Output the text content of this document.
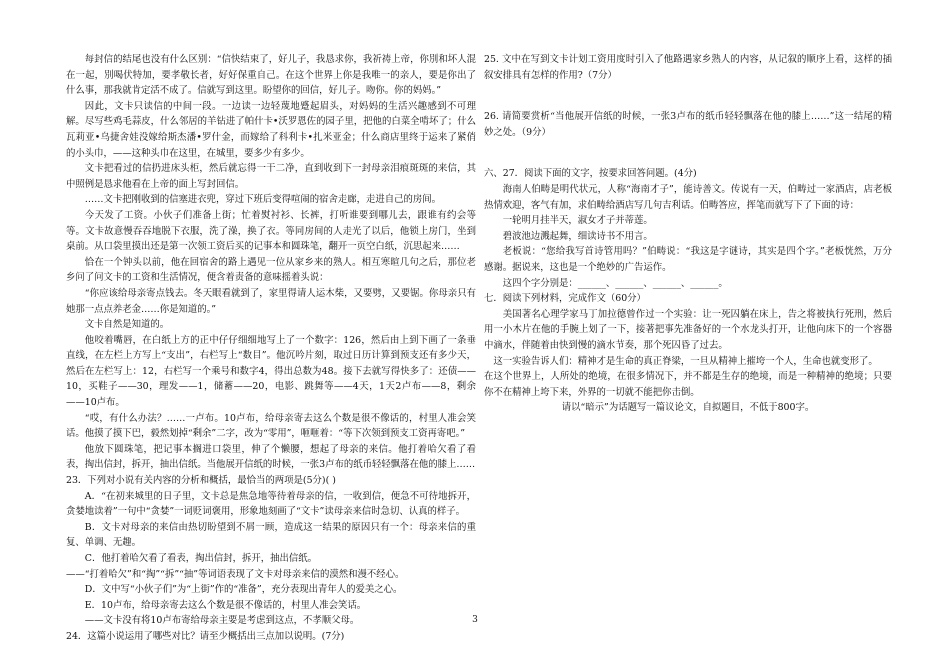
每封信的结尾也没有什么区别：“信快结束了，好儿子，我恳求你，我祈祷上帝，你別和坏人混在一起，別喝伏特加，要孝敬长者，好好保重自己。在这个世界上你是我唯一的亲人，要是你出了什么事，那我就肯定活不成了。信就写到这里。盼望你的回信，好儿子。吻你。你的妈妈。”

因此，文卡只读信的中间一段。一边读一边轻蔑地蹙起眉头，对妈妈的生活兴趣感到不可理解。尽写些鸡毛蒜皮，什么邻居的羊钻进了帕什卡•沃罗恩佐的园子里，把他的白菜全啃坏了；什么瓦莉亚•乌捷舍娃没嫁给斯杰潘•罗什金，而嫁给了科利卡•扎米亚金；什么商店里终于运来了紧俏的小头巾，——这种头巾在这里，在城里，要多少有多少。

文卡把看过的信扔进床头柜，然后就忘得一干二净，直到收到下一封母亲泪痕斑斑的来信，其中照例是恳求他看在上帝的面上写封回信。

……文卡把刚收到的信塞进衣兜，穿过下班后变得喧闹的宿舍走廊，走进自己的房间。

今天发了工资。小伙子们准备上街；忙着熨衬衫、长裤，打听谁要到哪儿去，跟谁有约会等等。文卡故意慢吞吞地脱下衣服，洗了澡，换了衣。等同房间的人走光了以后，他锁上房门，坐到桌前。从口袋里摸出还是第一次领工资后买的记事本和圆珠笔，翻开一页空白纸，沉思起来……

恰在一个钟头以前，他在回宿舍的路上遇见一位从家乡来的熟人。相互寒暄几句之后，那位老乡问了问文卡的工资和生活情况，便含着责备的意味摇着头说：

“你应该给母亲寄点钱去。冬天眼看就到了，家里得请人运木柴，又要劈，又要锯。你母亲只有她那一点点养老金……你是知道的。”

文卡自然是知道的。

他咬着嘴唇，在白纸上方的正中仔仔细细地写上了一个数字：126，然后由上到下画了一条垂直线，在左栏上方写上“支出”，右栏写上“数目”。他沉吟片刻，取过日历计算到预支还有多少天，然后在左栏写上：12，右栏写一个乘号和数字4，得出总数为48。接下去就写得快多了：还债——10，买鞋子——30，理发——1，储蓄——20，电影、跳舞等——4天，1天2卢布——8，剩余——10卢布。

“哎，有什么办法？……一卢布。10卢布，给母亲寄去这么个数是很不像话的，村里人准会笑话。他摸了摸下巴，毅然划掉“剩余”二字，改为“零用”，咂咂着：“等下次领到预支工资再寄吧。”

他放下圆珠笔，把记事本搁进口袋里，伸了个懒腰，想起了母亲的来信。他打着哈欠看了看表，掏出信封，拆开，抽出信纸。当他展开信纸的时候，一张3卢布的纸币轻轻飘落在他的膝上……

23．下列对小说有关内容的分析和概括，最恰当的两项是(5分)( )

A．“在初来城里的日子里，文卡总是焦急地等待着母亲的信，一收到信，便急不可待地拆开，贪婪地读着”一句中“贪婪”一词贬词褒用，形象地刻画了“文卡”读母亲来信时急切、认真的样子。

B．文卡对母亲的来信由热切盼望到不屑一顾，造成这一结果的原因只有一个：母亲来信的重复、单调、无趣。

C．他打着哈欠看了看表，掏出信封，拆开，抽出信纸。

——“打着哈欠”和“掏”“拆”“抽”等词语表现了文卡对母亲来信的漠然和漫不经心。

D．文中写“小伙子们”为“上街”作的“准备”，充分表现出青年人的爱美之心。

E．10卢布，给母亲寄去这么个数是很不像话的，村里人准会笑话。

——文卡没有将10卢布寄给母亲主要是考虑到这点，不孝顺父母。

24．这篇小说运用了哪些对比？请至少概括出三点加以说明。(7分)

25. 文中在写到文卡计划工资用度时引入了他路遇家乡熟人的内容，从记叙的顺序上看，这样的插叙安排具有怎样的作用?（7分）

26. 请简要赏析“当他展开信纸的时候，一张3卢布的纸币轻轻飘落在他的膝上……”这一结尾的精妙之处。（9分）

六、27．阅读下面的文字，按要求回答问题。(4分)

海南人伯畴是明代状元，人称“海南才子”，能诗善文。传说有一天，伯畴过一家酒店，店老板热情欢迎，客气有加，求伯畴给酒店写几句吉利话。伯畴答应，挥笔而就写下了下面的诗：

一轮明月挂半天，淑女才子并蒂莲。

碧波池边溅起舞，细读诗书不用言。

老板说：“您给我写首诗管用吗？”伯畴说：“我这是字谜诗，其实是四个字。”老板恍然，万分感谢。据说来，这也是一个绝妙的广告运作。

这四个字分别是：______、______、______、______。

七．阅读下列材料，完成作文（60分）

美国著名心理学家马丁加拉德曾作过一个实验：让一死囚躺在床上，告之将被执行死刑，然后用一小木片在他的手腕上划了一下，接著把事先准备好的一个水龙头打开，让他向床下的一个容器中滴水，伴随着由快到慢的滴水节奏，那个死囚昏了过去。

这一实验告诉人们：精神才是生命的真正脊梁，一旦从精神上摧垮一个人，生命也就变形了。

在这个世界上，人所处的绝境，在很多情况下，并不都是生存的绝境，而是一种精神的绝境；只要你不在精神上垮下来，外界的一切就不能把你击倒。

请以“暗示”为话题写一篇议论文，自拟题目，不低于800字。

3
